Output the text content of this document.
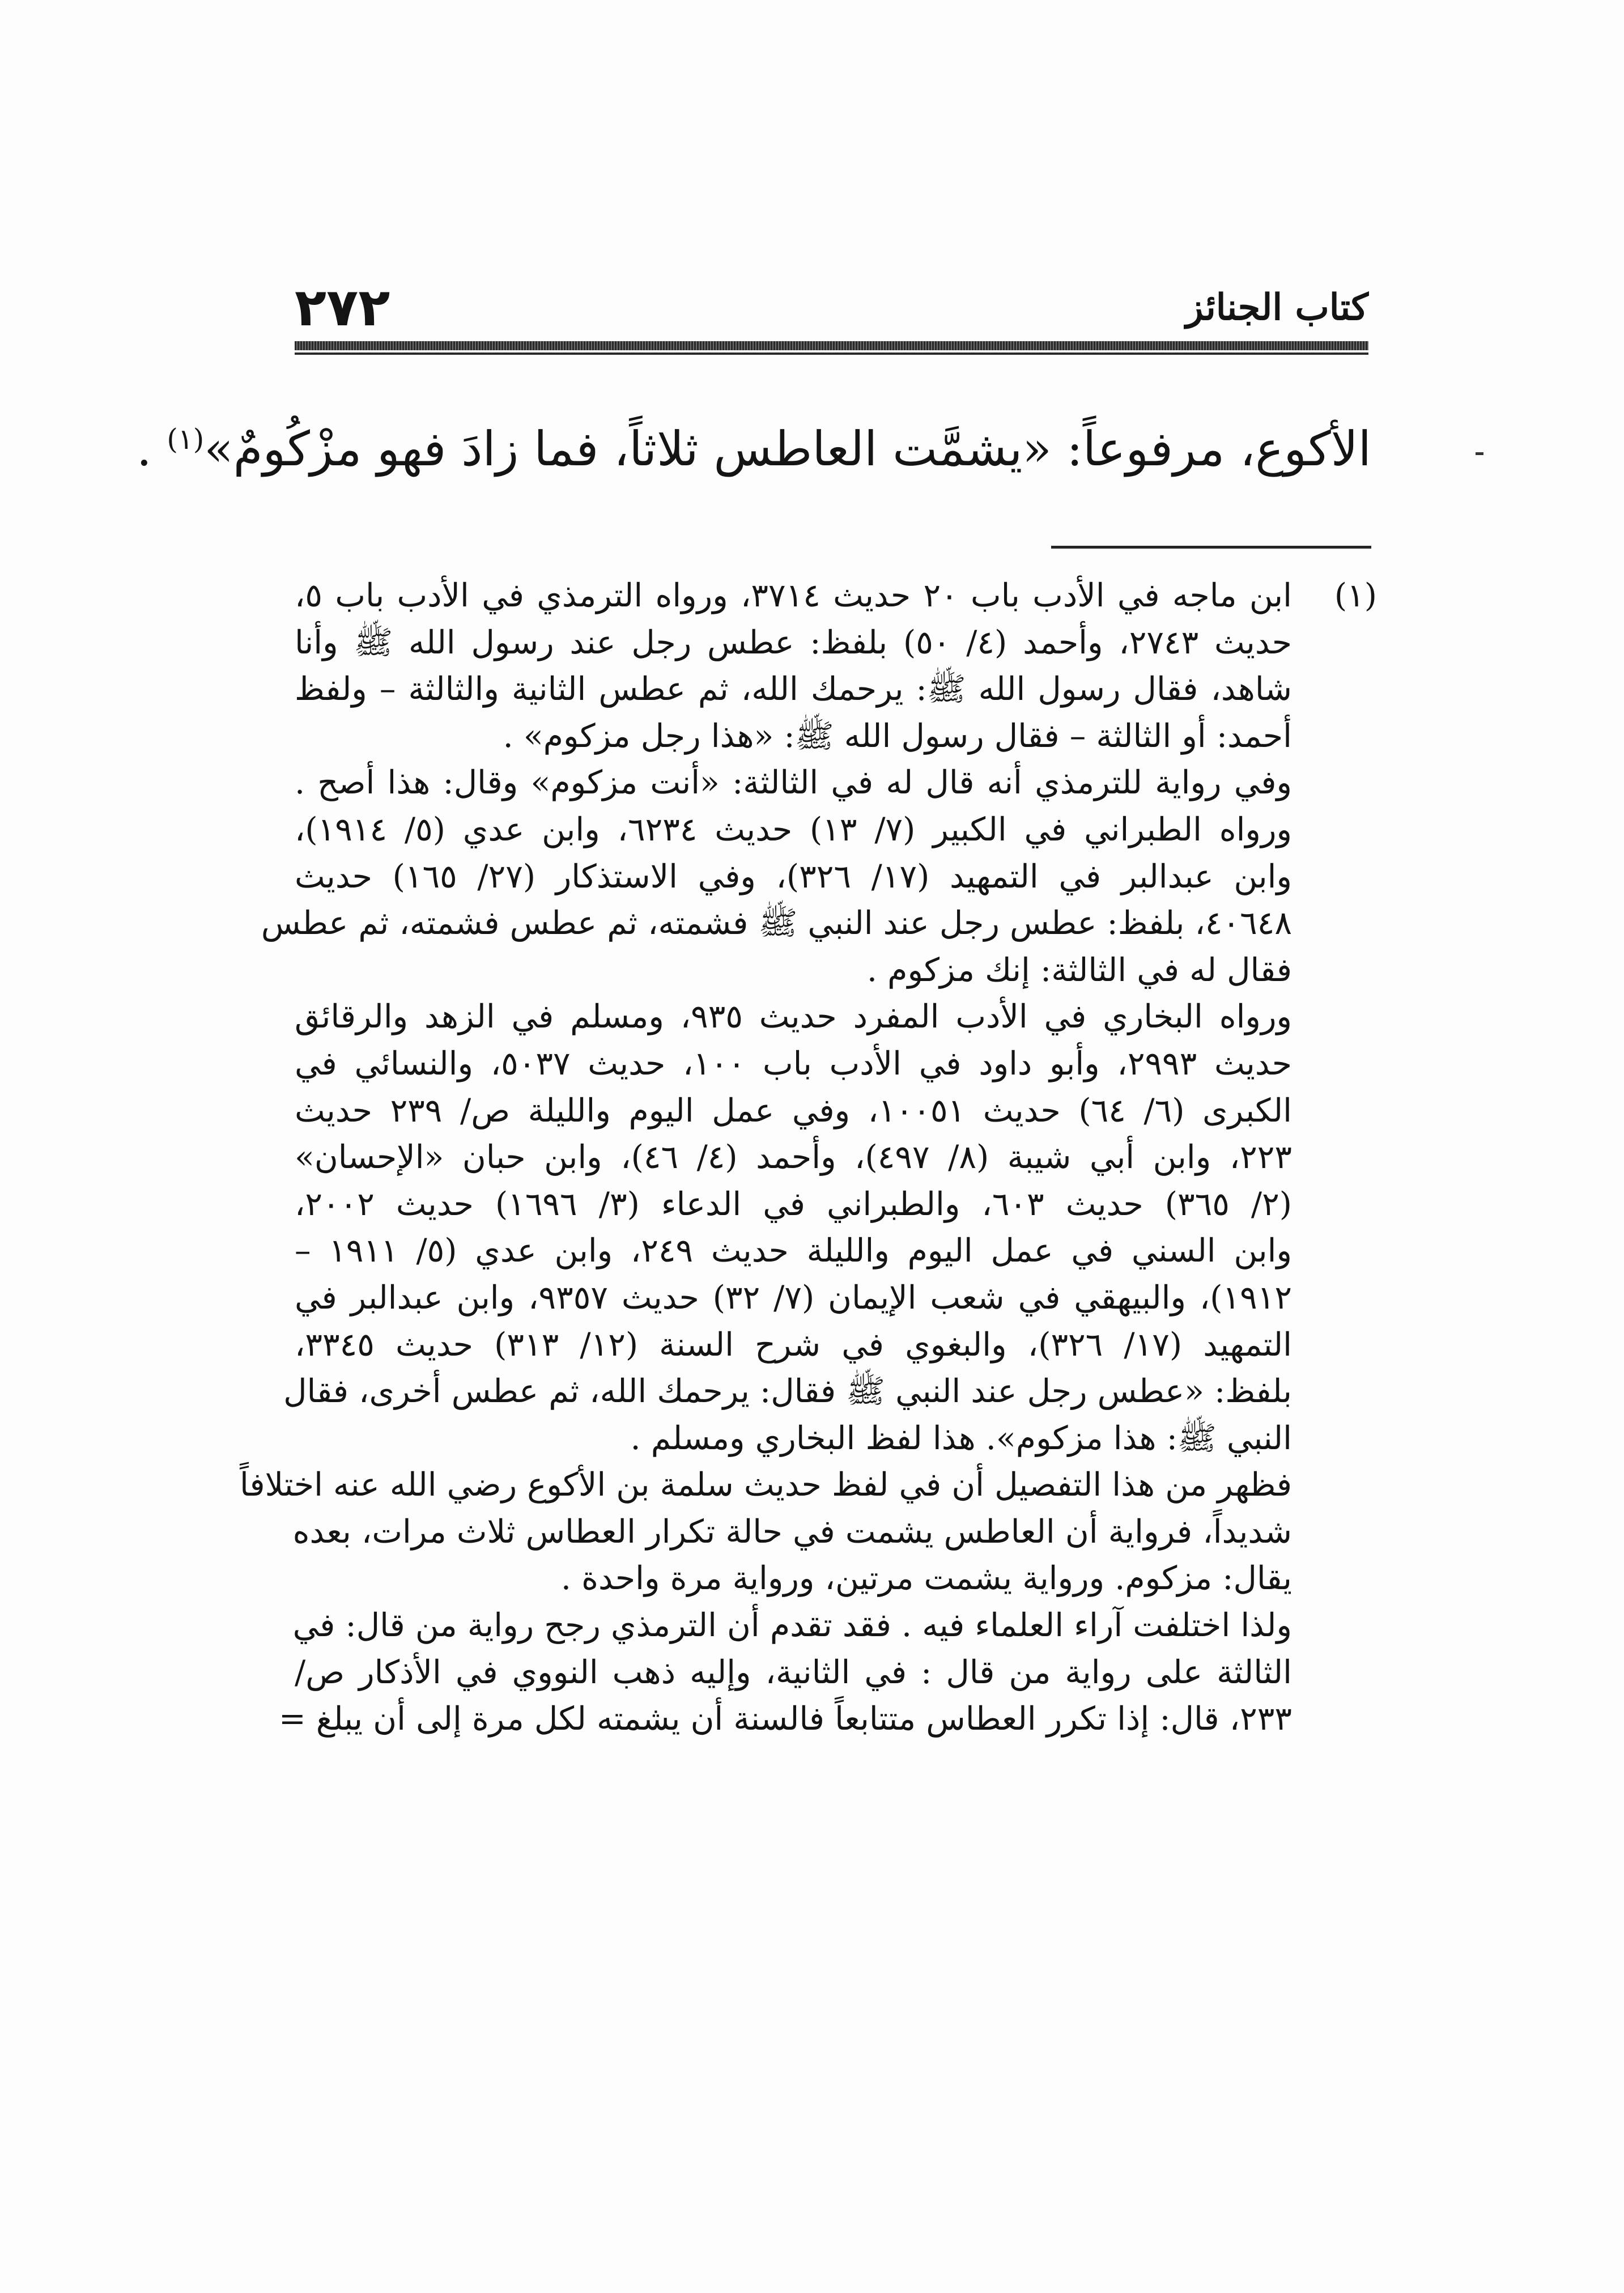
٢٧٢	كتاب الجنائز
الأكوع، مرفوعاً: «يشمَّت العاطس ثلاثاً، فما زادَ فهو مزْكُومٌ»$^{(١)}$ .
(١)
ابن ماجه في الأدب باب ٢٠ حديث ٣٧١٤، ورواه الترمذي في الأدب باب ٥،
حديث ٢٧٤٣، وأحمد (٤/ ٥٠) بلفظ: عطس رجل عند رسول الله ﷺ وأنا
شاهد، فقال رسول الله ﷺ: يرحمك الله، ثم عطس الثانية والثالثة – ولفظ
أحمد: أو الثالثة – فقال رسول الله ﷺ: «هذا رجل مزكوم» .
وفي رواية للترمذي أنه قال له في الثالثة: «أنت مزكوم» وقال: هذا أصح .
ورواه الطبراني في الكبير (٧/ ١٣) حديث ٦٢٣٤، وابن عدي (٥/ ١٩١٤)،
وابن عبدالبر في التمهيد (١٧/ ٣٢٦)، وفي الاستذكار (٢٧/ ١٦٥) حديث
٤٠٦٤٨، بلفظ: عطس رجل عند النبي ﷺ فشمته، ثم عطس فشمته، ثم عطس
فقال له في الثالثة: إنك مزكوم .
ورواه البخاري في الأدب المفرد حديث ٩٣٥، ومسلم في الزهد والرقائق
حديث ٢٩٩٣، وأبو داود في الأدب باب ١٠٠، حديث ٥٠٣٧، والنسائي في
الكبرى (٦/ ٦٤) حديث ١٠٠٥١، وفي عمل اليوم والليلة ص/ ٢٣٩ حديث
٢٢٣، وابن أبي شيبة (٨/ ٤٩٧)، وأحمد (٤/ ٤٦)، وابن حبان «الإحسان»
(٢/ ٣٦٥) حديث ٦٠٣، والطبراني في الدعاء (٣/ ١٦٩٦) حديث ٢٠٠٢،
وابن السني في عمل اليوم والليلة حديث ٢٤٩، وابن عدي (٥/ ١٩١١ –
١٩١٢)، والبيهقي في شعب الإيمان (٧/ ٣٢) حديث ٩٣٥٧، وابن عبدالبر في
التمهيد (١٧/ ٣٢٦)، والبغوي في شرح السنة (١٢/ ٣١٣) حديث ٣٣٤٥،
بلفظ: «عطس رجل عند النبي ﷺ فقال: يرحمك الله، ثم عطس أخرى، فقال
النبي ﷺ: هذا مزكوم». هذا لفظ البخاري ومسلم .
فظهر من هذا التفصيل أن في لفظ حديث سلمة بن الأكوع رضي الله عنه اختلافاً
شديداً، فرواية أن العاطس يشمت في حالة تكرار العطاس ثلاث مرات، بعده
يقال: مزكوم. ورواية يشمت مرتين، ورواية مرة واحدة .
ولذا اختلفت آراء العلماء فيه . فقد تقدم أن الترمذي رجح رواية من قال: في
الثالثة على رواية من قال : في الثانية، وإليه ذهب النووي في الأذكار ص/
٢٣٣، قال: إذا تكرر العطاس متتابعاً فالسنة أن يشمته لكل مرة إلى أن يبلغ =
